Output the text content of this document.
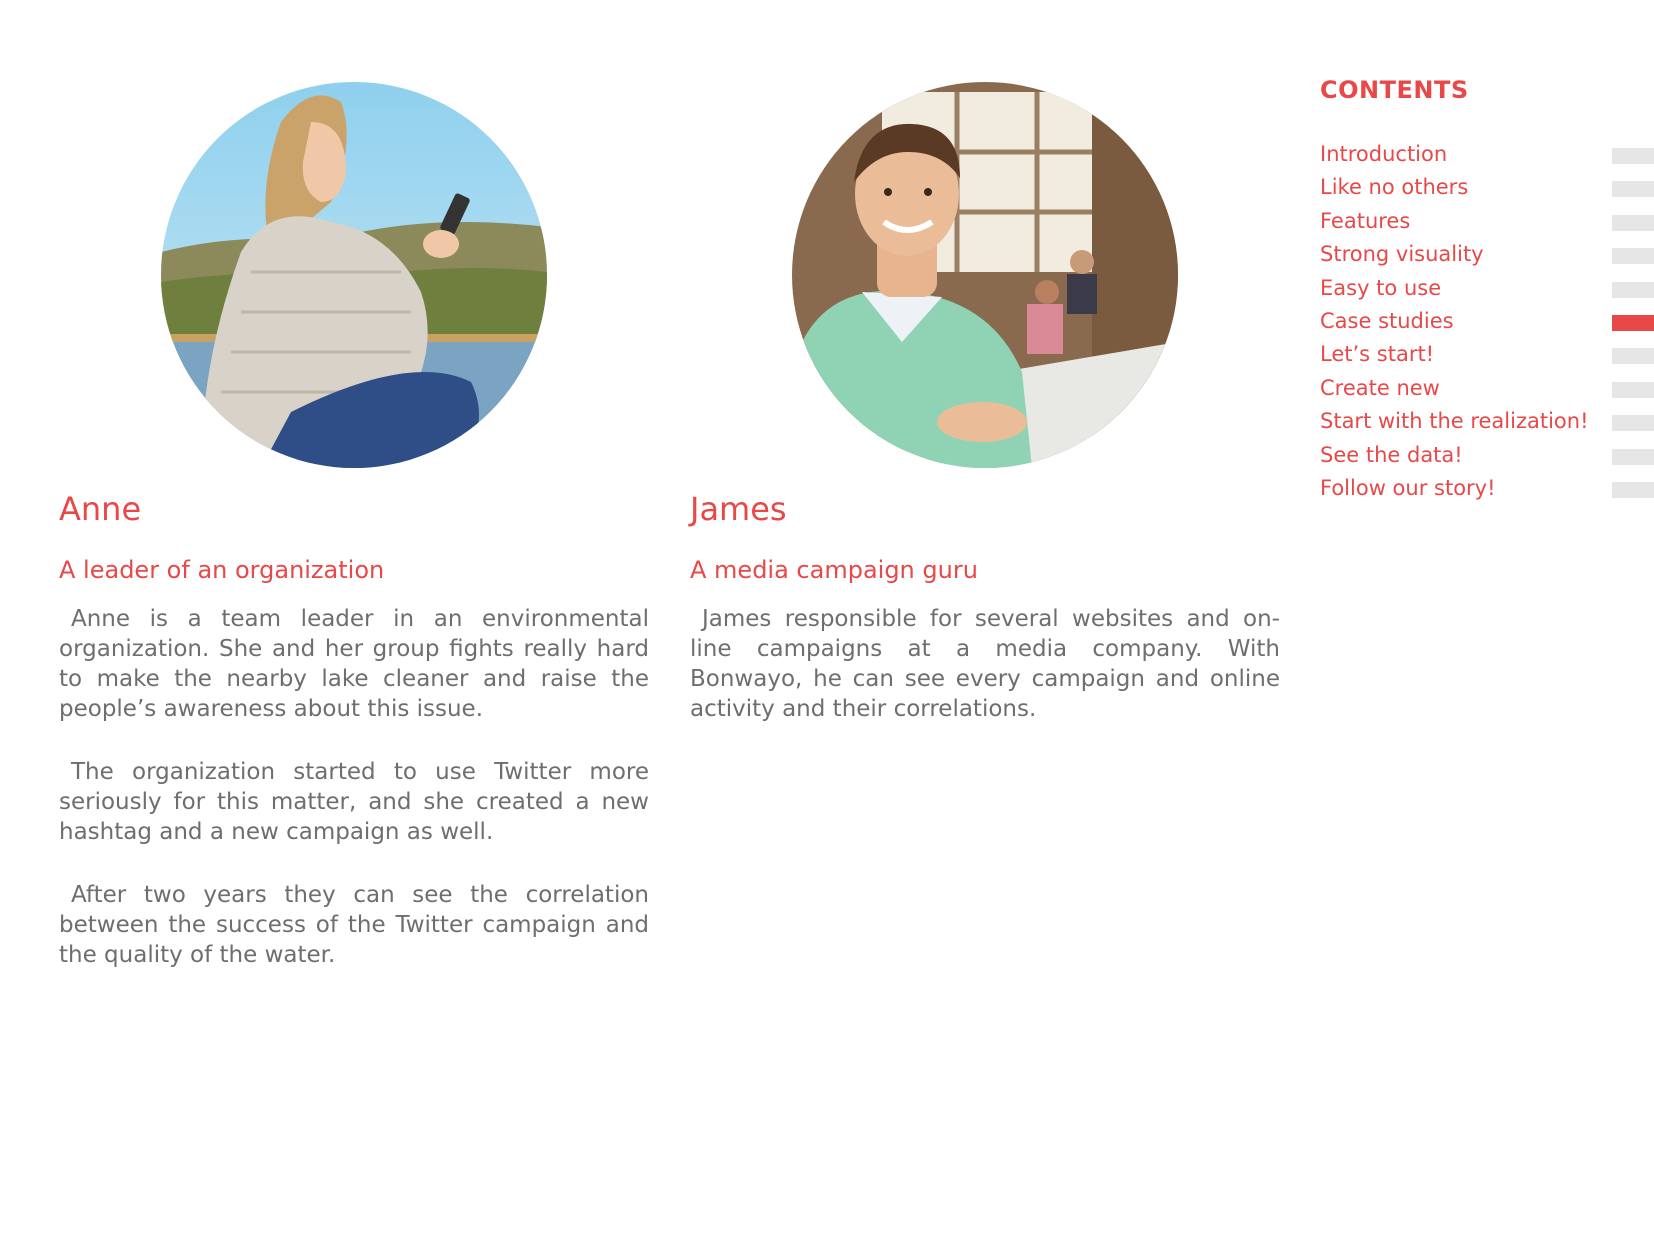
Anne
A leader of an organization

Anne is a team leader in an environmental organization. She and her group fights really hard to make the nearby lake cleaner and raise the people’s awareness about this issue.

The organization started to use Twitter more seriously for this matter, and she created a new hashtag and a new campaign as well.

After two years they can see the correlation between the success of the Twitter campaign and the quality of the water.

James
A media campaign guru

James responsible for several websites and on-line campaigns at a media company. With Bonwayo, he can see every campaign and online activity and their correlations.

CONTENTS
Introduction
Like no others
Features
Strong visuality
Easy to use
Case studies
Let’s start!
Create new
Start with the realization!
See the data!
Follow our story!
